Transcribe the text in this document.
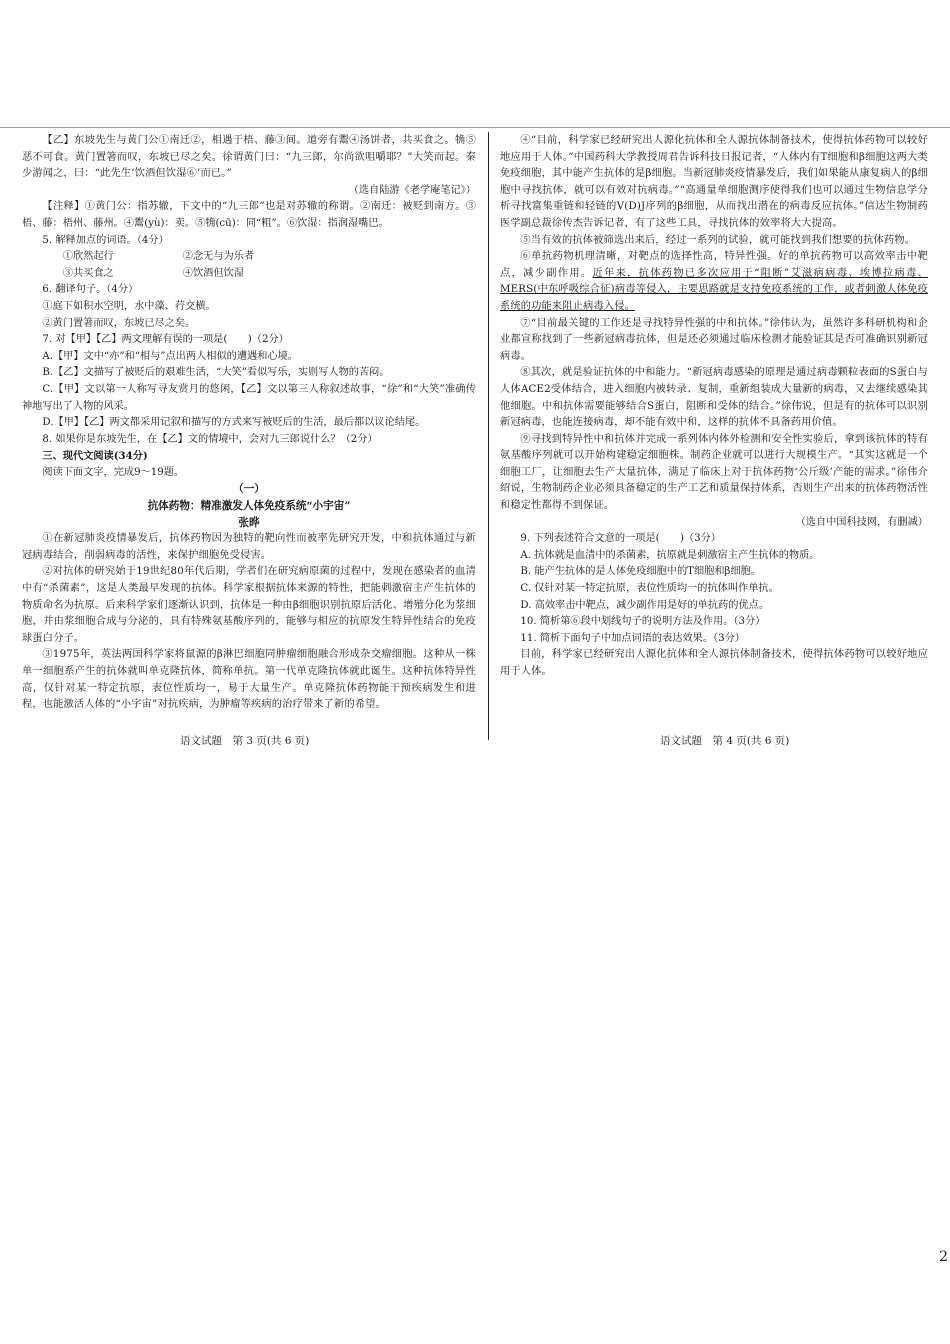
【乙】东坡先生与黄门公①南迁②，相遇于梧、藤③间。道旁有鬻④汤饼者，共买食之。觕⑤恶不可食。黄门置箸而叹，东坡已尽之矣。徐谓黄门曰：“九三郎，尔尚欲咀嚼耶？”大笑而起。秦少游闻之，曰：“此先生‘饮酒但饮湿⑥’而已。”

（选自陆游《老学庵笔记》）

【注释】①黄门公：指苏辙，下文中的“九三郎”也是对苏辙的称谓。②南迁：被贬到南方。③梧、藤：梧州、藤州。④鬻(yù)：卖。⑤觕(cū)：同“粗”。⑥饮湿：指润湿嘴巴。

5. 解释加点的词语。（4分）

①欣然起行	②念无与为乐者
③共买食之	④饮酒但饮湿

6. 翻译句子。（4分）

①庭下如积水空明，水中藻、荇交横。

②黄门置箸而叹，东坡已尽之矣。

7. 对【甲】【乙】两文理解有误的一项是(　　)（2分）

A.【甲】文中“亦”和“相与”点出两人相似的遭遇和心境。

B.【乙】文描写了被贬后的艰难生活，“大笑”看似写乐，实则写人物的苦闷。

C.【甲】文以第一人称写寻友赏月的悠闲，【乙】文以第三人称叙述故事，“徐”和“大笑”准确传神地写出了人物的风采。

D.【甲】【乙】两文都采用记叙和描写的方式来写被贬后的生活，最后都以议论结尾。

8. 如果你是东坡先生，在【乙】文的情境中，会对九三郎说什么？（2分）

三、现代文阅读(34分)

阅读下面文字，完成9～19题。

（一）

抗体药物：精准激发人体免疫系统“小宇宙”

张晔

①在新冠肺炎疫情暴发后，抗体药物因为独特的靶向性而被率先研究开发，中和抗体通过与新冠病毒结合，削弱病毒的活性，来保护细胞免受侵害。

②对抗体的研究始于19世纪80年代后期，学者们在研究病原菌的过程中，发现在感染者的血清中有“杀菌素”，这是人类最早发现的抗体。科学家根据抗体来源的特性，把能刺激宿主产生抗体的物质命名为抗原。后来科学家们逐渐认识到，抗体是一种由β细胞识别抗原后活化、增殖分化为浆细胞，并由浆细胞合成与分泌的，具有特殊氨基酸序列的，能够与相应的抗原发生特异性结合的免疫球蛋白分子。

③1975年，英法两国科学家将鼠源的β淋巴细胞同肿瘤细胞融合形成杂交瘤细胞。这种从一株单一细胞系产生的抗体就叫单克隆抗体，简称单抗。第一代单克隆抗体就此诞生。这种抗体特异性高，仅针对某一特定抗原，表位性质均一，易于大量生产。单克隆抗体药物能干预疾病发生和进程，也能激活人体的“小宇宙”对抗疾病，为肿瘤等疾病的治疗带来了新的希望。

④“目前，科学家已经研究出人源化抗体和全人源抗体制备技术，使得抗体药物可以较好地应用于人体。”中国药科大学教授周君告诉科技日报记者，“人体内有T细胞和β细胞这两大类免疫细胞，其中能产生抗体的是β细胞。当新冠肺炎疫情暴发后，我们如果能从康复病人的β细胞中寻找抗体，就可以有效对抗病毒。”“高通量单细胞测序使得我们也可以通过生物信息学分析寻找富集重链和轻链的V(D)J序列的β细胞，从而找出潜在的病毒反应抗体。”信达生物制药医学副总裁徐传杰告诉记者，有了这些工具，寻找抗体的效率将大大提高。

⑤当有效的抗体被筛选出来后，经过一系列的试验，就可能找到我们想要的抗体药物。

⑥单抗药物机理清晰，对靶点的选择性高，特异性强。好的单抗药物可以高效率击中靶点，减少副作用。近年来，抗体药物已多次应用于“阻断”艾滋病病毒、埃博拉病毒、MERS(中东呼吸综合征)病毒等侵入，主要思路就是支持免疫系统的工作，或者刺激人体免疫系统的功能来阻止病毒入侵。

⑦“目前最关键的工作还是寻找特异性强的中和抗体。”徐伟认为，虽然许多科研机构和企业都宣称找到了一些新冠病毒抗体，但是还必须通过临床检测才能验证其是否可准确识别新冠病毒。

⑧其次，就是验证抗体的中和能力。“新冠病毒感染的原理是通过病毒颗粒表面的S蛋白与人体ACE2受体结合，进入细胞内被转录、复制，重新组装成大量新的病毒，又去继续感染其他细胞。中和抗体需要能够结合S蛋白，阻断和受体的结合。”徐伟说，但是有的抗体可以识别新冠病毒，也能连接病毒，却不能有效中和，这样的抗体不具备药用价值。

⑨寻找到特异性中和抗体并完成一系列体内体外检测和安全性实验后，拿到该抗体的特有氨基酸序列就可以开始构建稳定细胞株。制药企业就可以进行大规模生产。“其实这就是一个细胞工厂，让细胞去生产大量抗体，满足了临床上对于抗体药物‘公斤级’产能的需求。”徐伟介绍说，生物制药企业必须具备稳定的生产工艺和质量保持体系，否则生产出来的抗体药物活性和稳定性都得不到保证。

（选自中国科技网，有删减）

9. 下列表述符合文意的一项是(　　)（3分）

A. 抗体就是血清中的杀菌素，抗原就是刺激宿主产生抗体的物质。

B. 能产生抗体的是人体免疫细胞中的T细胞和β细胞。

C. 仅针对某一特定抗原，表位性质均一的抗体叫作单抗。

D. 高效率击中靶点，减少副作用是好的单抗药的优点。

10. 简析第⑥段中划线句子的说明方法及作用。（3分）

11. 简析下面句子中加点词语的表达效果。（3分）

目前，科学家已经研究出人源化抗体和全人源抗体制备技术，使得抗体药物可以较好地应用于人体。

语文试题　第 3 页(共 6 页)	语文试题　第 4 页(共 6 页)
2
